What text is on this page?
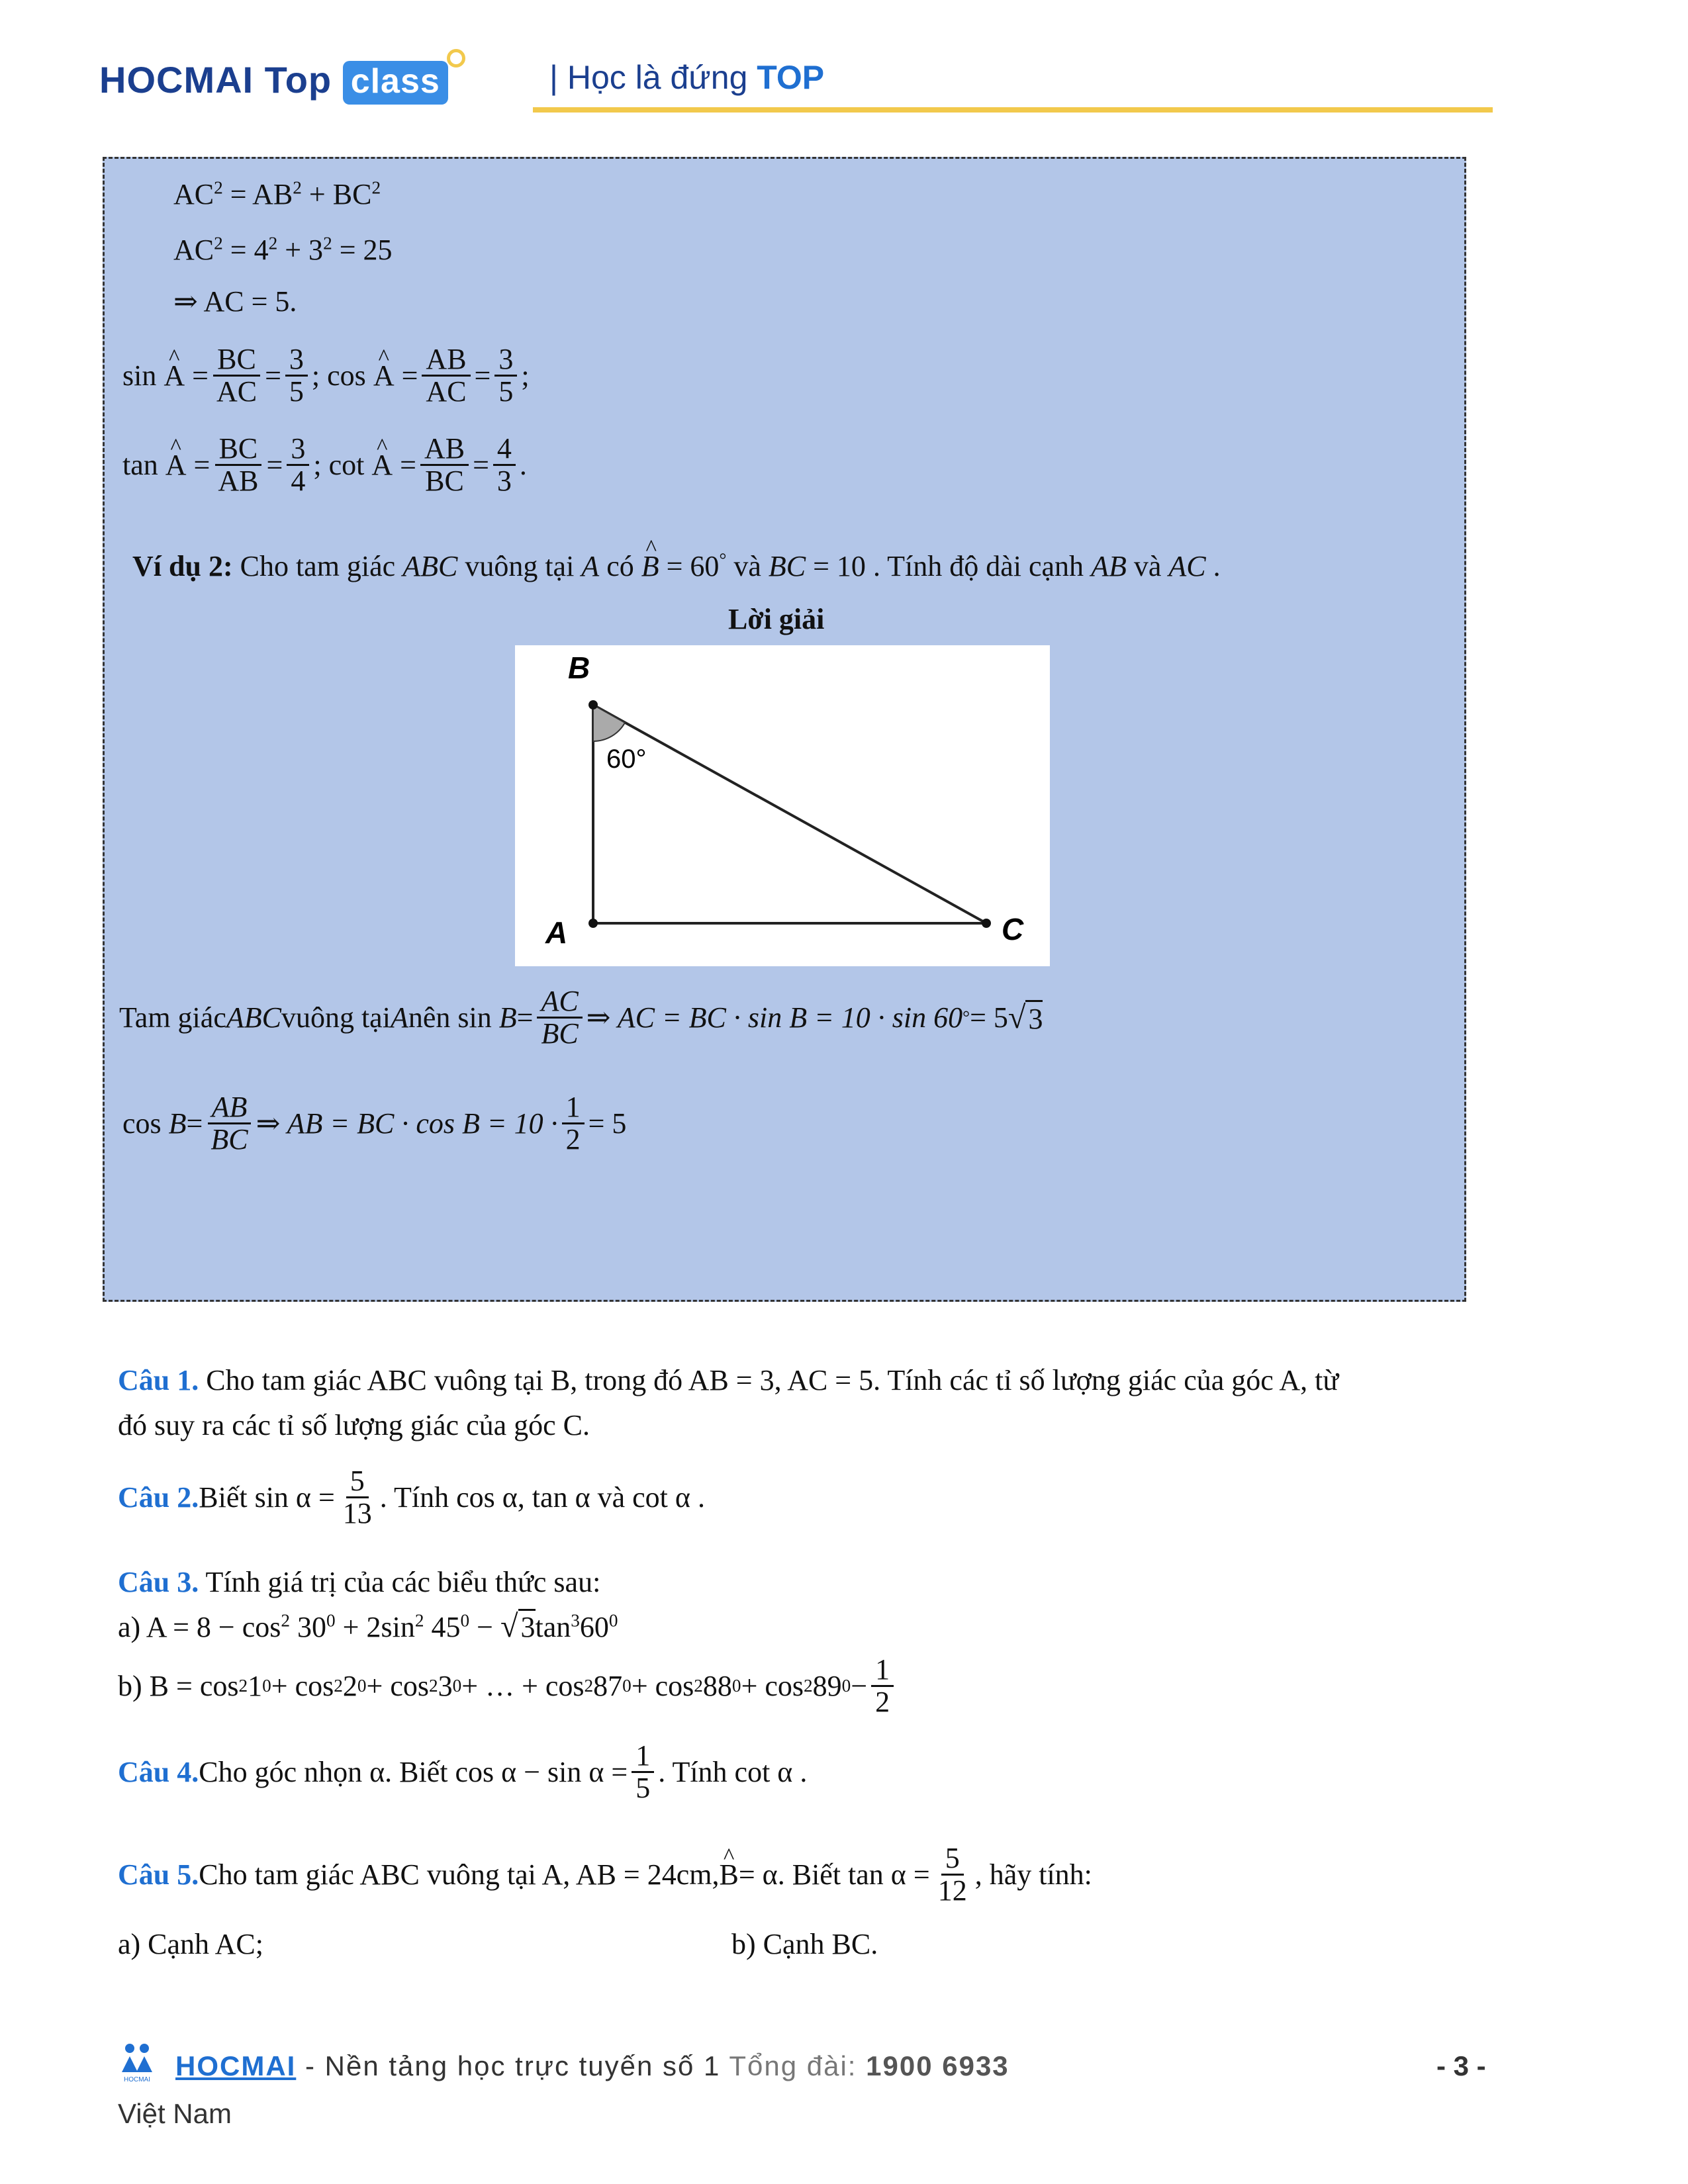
HOCMAI Top class	| Học là đứng TOP
$AC^2 = AB^2 + BC^2$
$AC^2 = 4^2 + 3^2 = 25$
⇒ AC = 5.
sin
^ A
= $\frac{BC}{AC} = \frac{3}{5}$ ;
cos
^ A
= $\frac{AB}{AC} = \frac{3}{5}$ ;
tan
^ A
= $\frac{BC}{AB} = \frac{3}{4}$ ;
cot
^ A
= $\frac{AB}{BC} = \frac{4}{3}$ .
Ví dụ 2: Cho tam giác ABC vuông tại A có ^ B = 60° và BC = 10 . Tính độ dài cạnh AB và AC .
Lời giải
B
A	C
60°
Tam giác ABC vuông tại A nên sin
$B = \frac{AC}{BC}$ ⇒ AC = BC · sin B = 10 · sin 60 ° = 5 √ 3
cos
$B = \frac{AB}{BC}$ ⇒ AB = BC · $\cos B = 10 \cdot \frac{1}{2} = 5$
Câu 1. Cho tam giác ABC vuông tại B, trong đó AB = 3, AC = 5. Tính các tỉ số lượng giác của góc A, từ
đó suy ra các tỉ số lượng giác của góc C.
Câu 2. Biết $\sin \alpha = \frac{5}{13}$ . Tính cos α, tan α và cot α .
Câu 3. Tính giá trị của các biểu thức sau:
a) $A = 8 - \cos^2 30^0 + 2\sin^2$ $45^0 - √3\tan^360^0$
b) B = cos 2 1 0 + cos 2 2 0 + cos 2 3 0 + … + cos 2 87 0 + cos 2 88 0 + cos 2 89 $0 - \frac{1}{2}$
Câu 4. Cho góc nhọn α. Biết $\cos \alpha - \sin \alpha = \frac{1}{5}$ . Tính cot α .
Câu 5. Cho tam giác ABC vuông tại A, AB = 24cm, ^ B = α. Biết $\tan \alpha = \frac{5}{12}$ , hãy tính:
a) Cạnh AC;	b) Cạnh BC.
HOCMAI HOCMAI - Nền tảng học trực tuyến số 1 Tổng đài: 1900 6933
Việt Nam
- 3 -
